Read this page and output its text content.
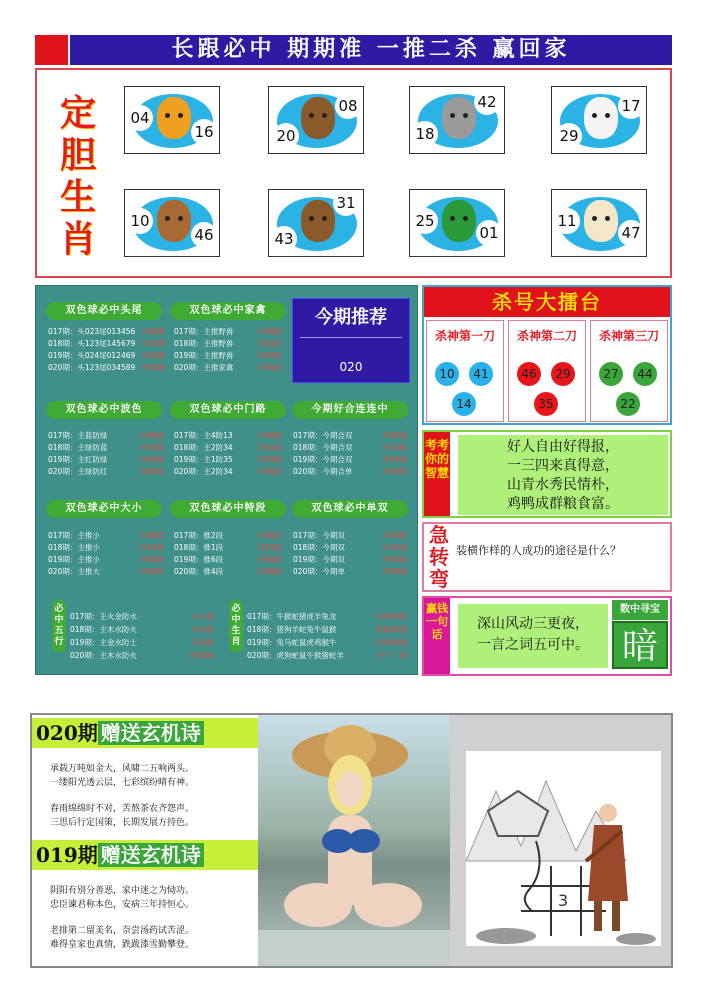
长跟必中 期期准 一推二杀 赢回家
定
胆
生
肖
04
16
08
20
42
18
17
29
10
46
31
43
25
01
11
47
双色球必中头尾
017期：头023尾013456 开40准
018期：头123尾145679 开10准
019期：头024尾012469 开04准
020期：头123尾034589 开00准
双色球必中家禽
017期：主推野兽	开40准
018期：主推野兽	开10准
019期：主推野兽	开04准
020期：主推家禽	开00准
今期推荐
020
双色球必中波色
017期：主蓝防绿	开40绿
018期：主绿防蓝	开10蓝
019期：主红防绿	开04绿
020期：主绿防红	开00准
双色球必中门路
017期：主4防13	开40绿
018期：主2防34	开10蓝
019期：主1防35	开04绿
020期：主2防34	开00准
今期好合连连中
017期：今期合双	开40准
018期：今期合双	开10准
019期：今期合双	开04准
020期：今期合单	开00准
双色球必中大小
017期：主推小	开40准
018期：主推小	开10准
019期：主推小	开04准
020期：主推大	开00准
双色球必中特段
017期：推2段	开40准
018期：推1段	开10准
019期：推6段	开04准
020期：推4段	开00准
双色球必中单双
017期：今期双	开40准
018期：今期双	开10准
019期：今期双	开04准
020期：今期单	开00准
必中五行
017期：主火金防水	开火准
018期：主木水防火	开水准
019期：主金水防土	开金准
020期：主木水防火	开00准
必中生肖
017期：牛猴蛇猪虎羊兔龙	开虎40准
018期：猪狗羊蛇兔牛鼠猴	开猴10准
019期：兔马蛇鼠虎鸡猴牛	开虎04准
020期：虎狗蛇鼠牛猴猪蛇羊	开？？准
杀号大擂台
杀神第一刀
10	41
14
杀神第二刀
46	29
35
杀神第三刀
27	44
22
考考你的智慧
好人自由好得报，
一三四来真得意，
山青水秀民情朴，
鸡鸭成群粮食富。
急转弯
装横作样的人成功的途径是什么？
赢钱一句话
深山风动三更夜，
一言之词五可中。
数中寻宝
暗
020期 赠送玄机诗
承载万吨如金大，风啸二五响两头。
一缕阳光透云层，七彩缤纷晴有神。
春雨绵绵时不对，苦熬茶农齐怨声。
三思后行定国策，长期发展方持色。
019期 赠送玄机诗
阴阳有别分善恶，家中迷之为恸功。
忠臣谏君称本色，安病三年持恒心。
老排第二留美名，奈尝汤药试苦涩。
难得皇家也真情，跌跋漆雪勤攀登。
3
